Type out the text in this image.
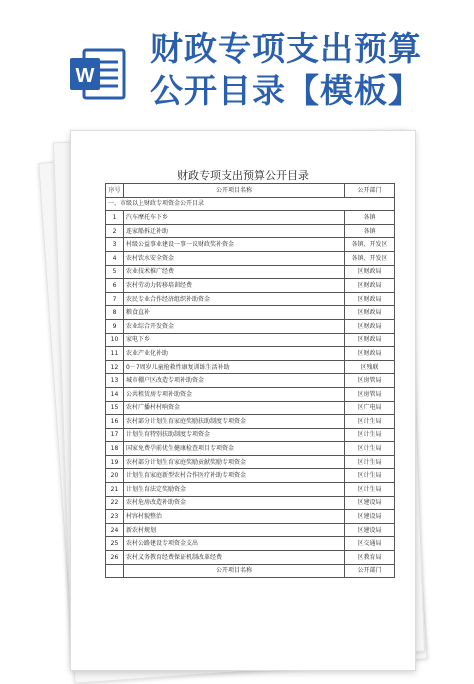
W
财政专项支出预算
公开目录【模板】
财政专项支出预算公开目录
序号	公开项目名称	公开部门
一、市级以上财政专项资金公开目录		
1	汽车摩托车下乡	各镇
2	连家船拆迁补助	各镇
3	村级公益事业建设一事一议财政奖补资金	各镇、开发区
4	农村饮水安全资金	各镇、开发区
5	农业技术推广经费	区财政局
6	农村劳动力转移培训经费	区财政局
7	农民专业合作经济组织补助资金	区财政局
8	粮食直补	区财政局
9	农业综合开发资金	区财政局
10	家电下乡	区财政局
11	农业产业化补助	区财政局
12	0－7周岁儿童抢救性康复训练生活补助	区残联
13	城市棚户区改造专项补助资金	区房管局
14	公共租赁房专项补助资金	区房管局
15	农村广播村村响资金	区广电局
16	农村部分计划生育家庭奖励扶助制度专项资金	区计生局
17	计划生育特别扶助制度专项资金	区计生局
18	国家免费孕前优生健康检查项目专项资金	区计生局
19	农村部分计划生育家庭奖励贡献奖励专项资金	区计生局
20	计划生育家庭新型农村合作医疗补助专项资金	区计生局
21	计划生育法定奖励资金	区计生局
22	农村危房改造补助资金	区建设局
23	村容村貌整治	区建设局
24	新农村规划	区建设局
25	农村公路建设专项资金支出	区交通局
26	农村义务教育经费保证机制改革经费	区教育局
	公开项目名称	公开部门
